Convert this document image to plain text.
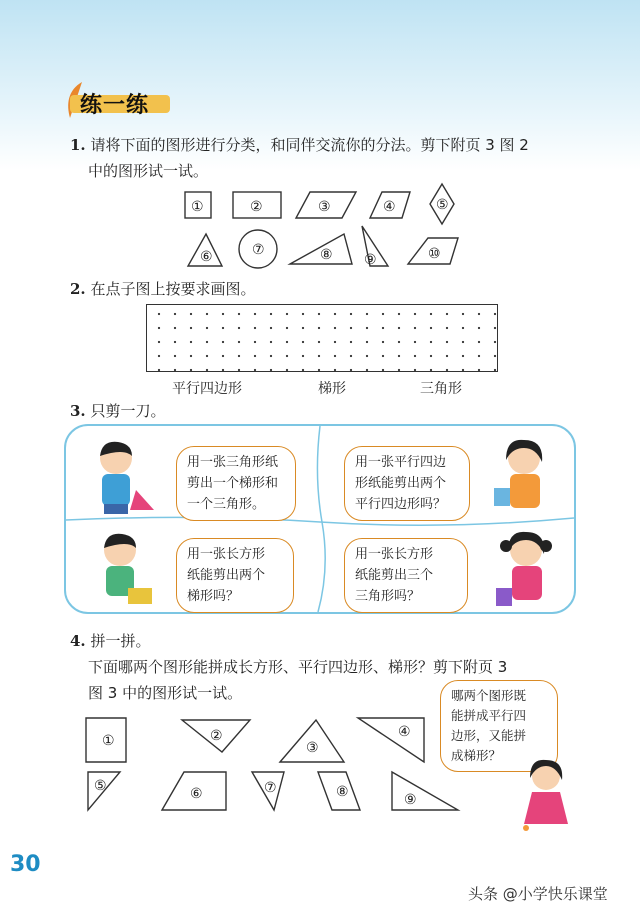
练一练
1. 请将下面的图形进行分类，和同伴交流你的分法。剪下附页 3 图 2
中的图形试一试。
①	②	③	④	⑤
⑥	⑦	⑧ ⑨	⑩
2. 在点子图上按要求画图。
平行四边形	梯形	三角形
3. 只剪一刀。
用一张三角形纸
剪出一个梯形和
一个三角形。
用一张平行四边
形纸能剪出两个
平行四边形吗？
用一张长方形
纸能剪出两个
梯形吗？
用一张长方形
纸能剪出三个
三角形吗？
4. 拼一拼。
下面哪两个图形能拼成长方形、平行四边形、梯形？剪下附页 3
图 3 中的图形试一试。	哪两个图形既
能拼成平行四
边形，又能拼
成梯形？
①	②
③
④
⑤	⑥	⑦	⑧	⑨
30
头条 @小学快乐课堂
